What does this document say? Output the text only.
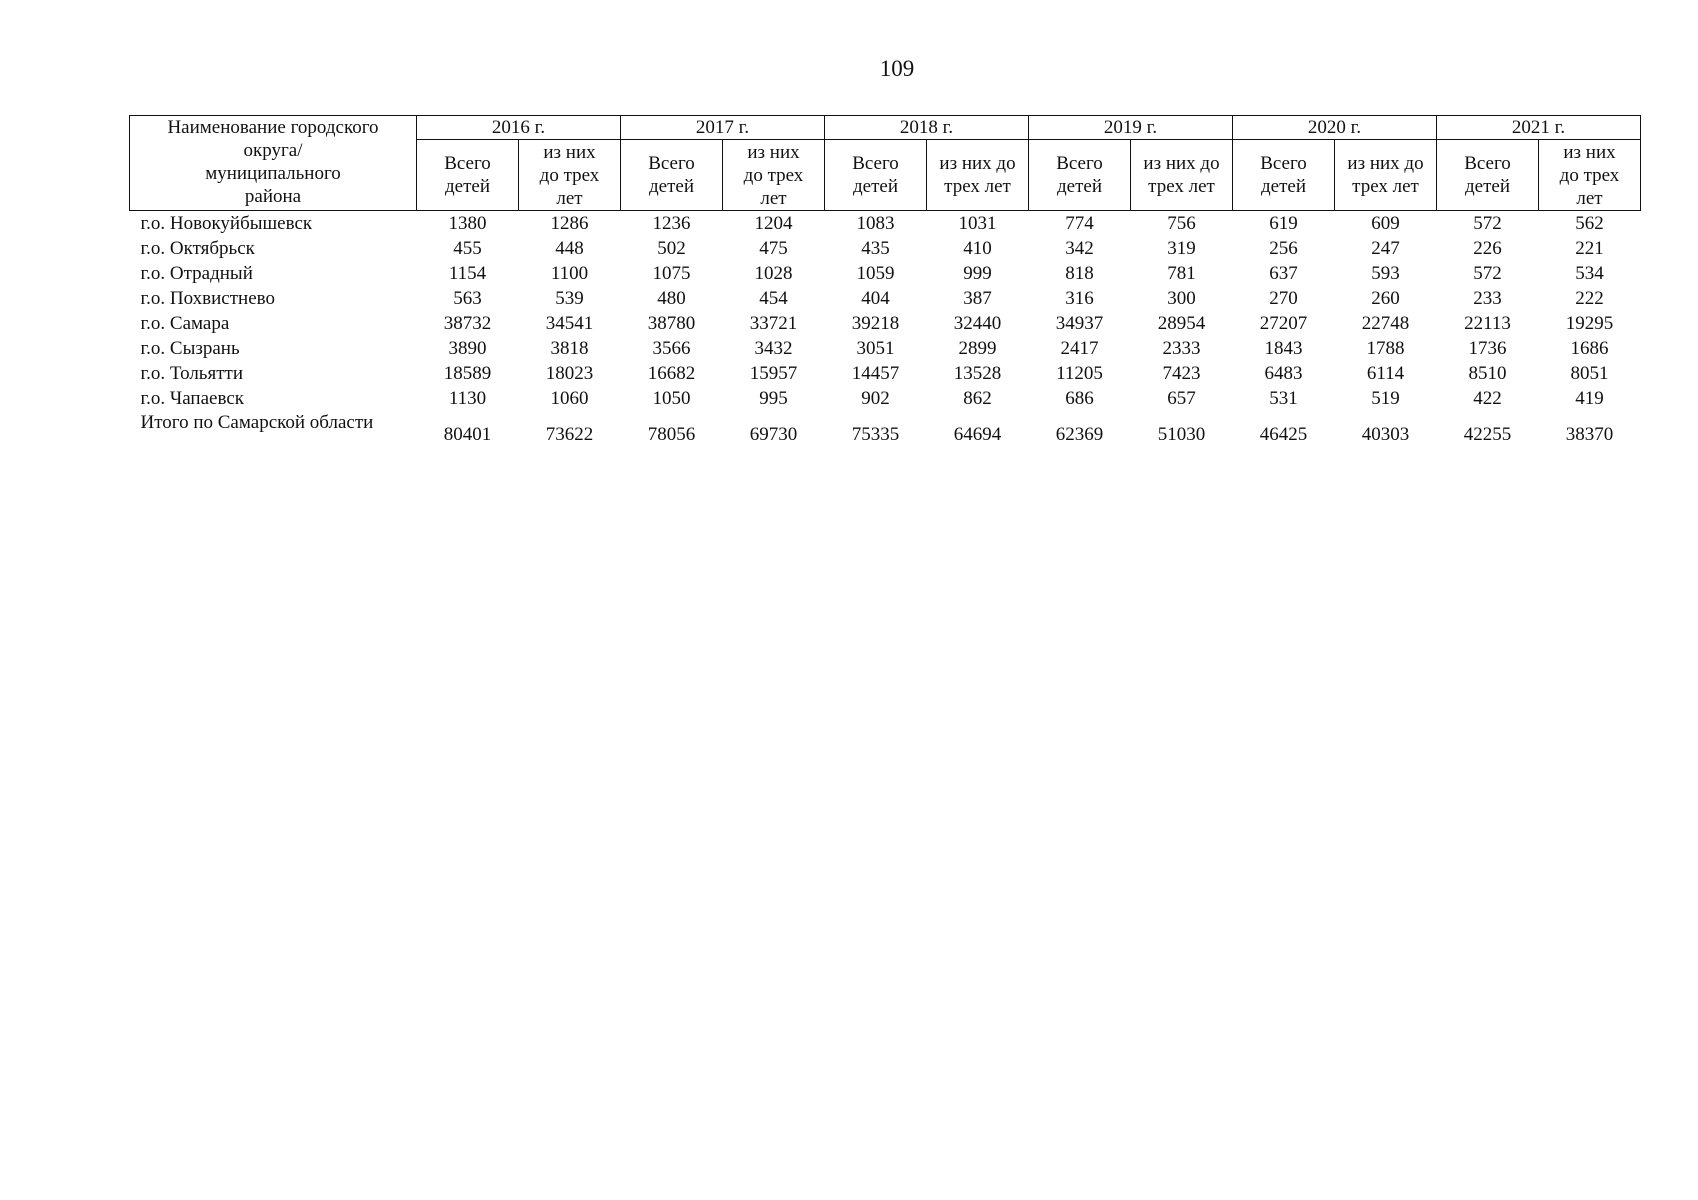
109
Наименование городского
округа/
муниципального
района	2016 г.		2017 г.		2018 г.		2019 г.		2020 г.		2021 г.	

	Всего
детей	из них
до трех
лет	Всего
детей	из них
до трех
лет	Всего
детей	из них до
трех лет	Всего
детей	из них до
трех лет	Всего
детей	из них до
трех лет	Всего
детей	из них
до трех
лет

г.о. Новокуйбышевск	1380	1286	1236	1204	1083	1031	774	756	619	609	572	562
г.о. Октябрьск	455	448	502	475	435	410	342	319	256	247	226	221
г.о. Отрадный	1154	1100	1075	1028	1059	999	818	781	637	593	572	534
г.о. Похвистнево	563	539	480	454	404	387	316	300	270	260	233	222
г.о. Самара	38732	34541	38780	33721	39218	32440	34937	28954	27207	22748	22113	19295
г.о. Сызрань	3890	3818	3566	3432	3051	2899	2417	2333	1843	1788	1736	1686
г.о. Тольятти	18589	18023	16682	15957	14457	13528	11205	7423	6483	6114	8510	8051
г.о. Чапаевск	1130	1060	1050	995	902	862	686	657	531	519	422	419
Итого по Самарской области	80401	73622	78056	69730	75335	64694	62369	51030	46425	40303	42255	38370
